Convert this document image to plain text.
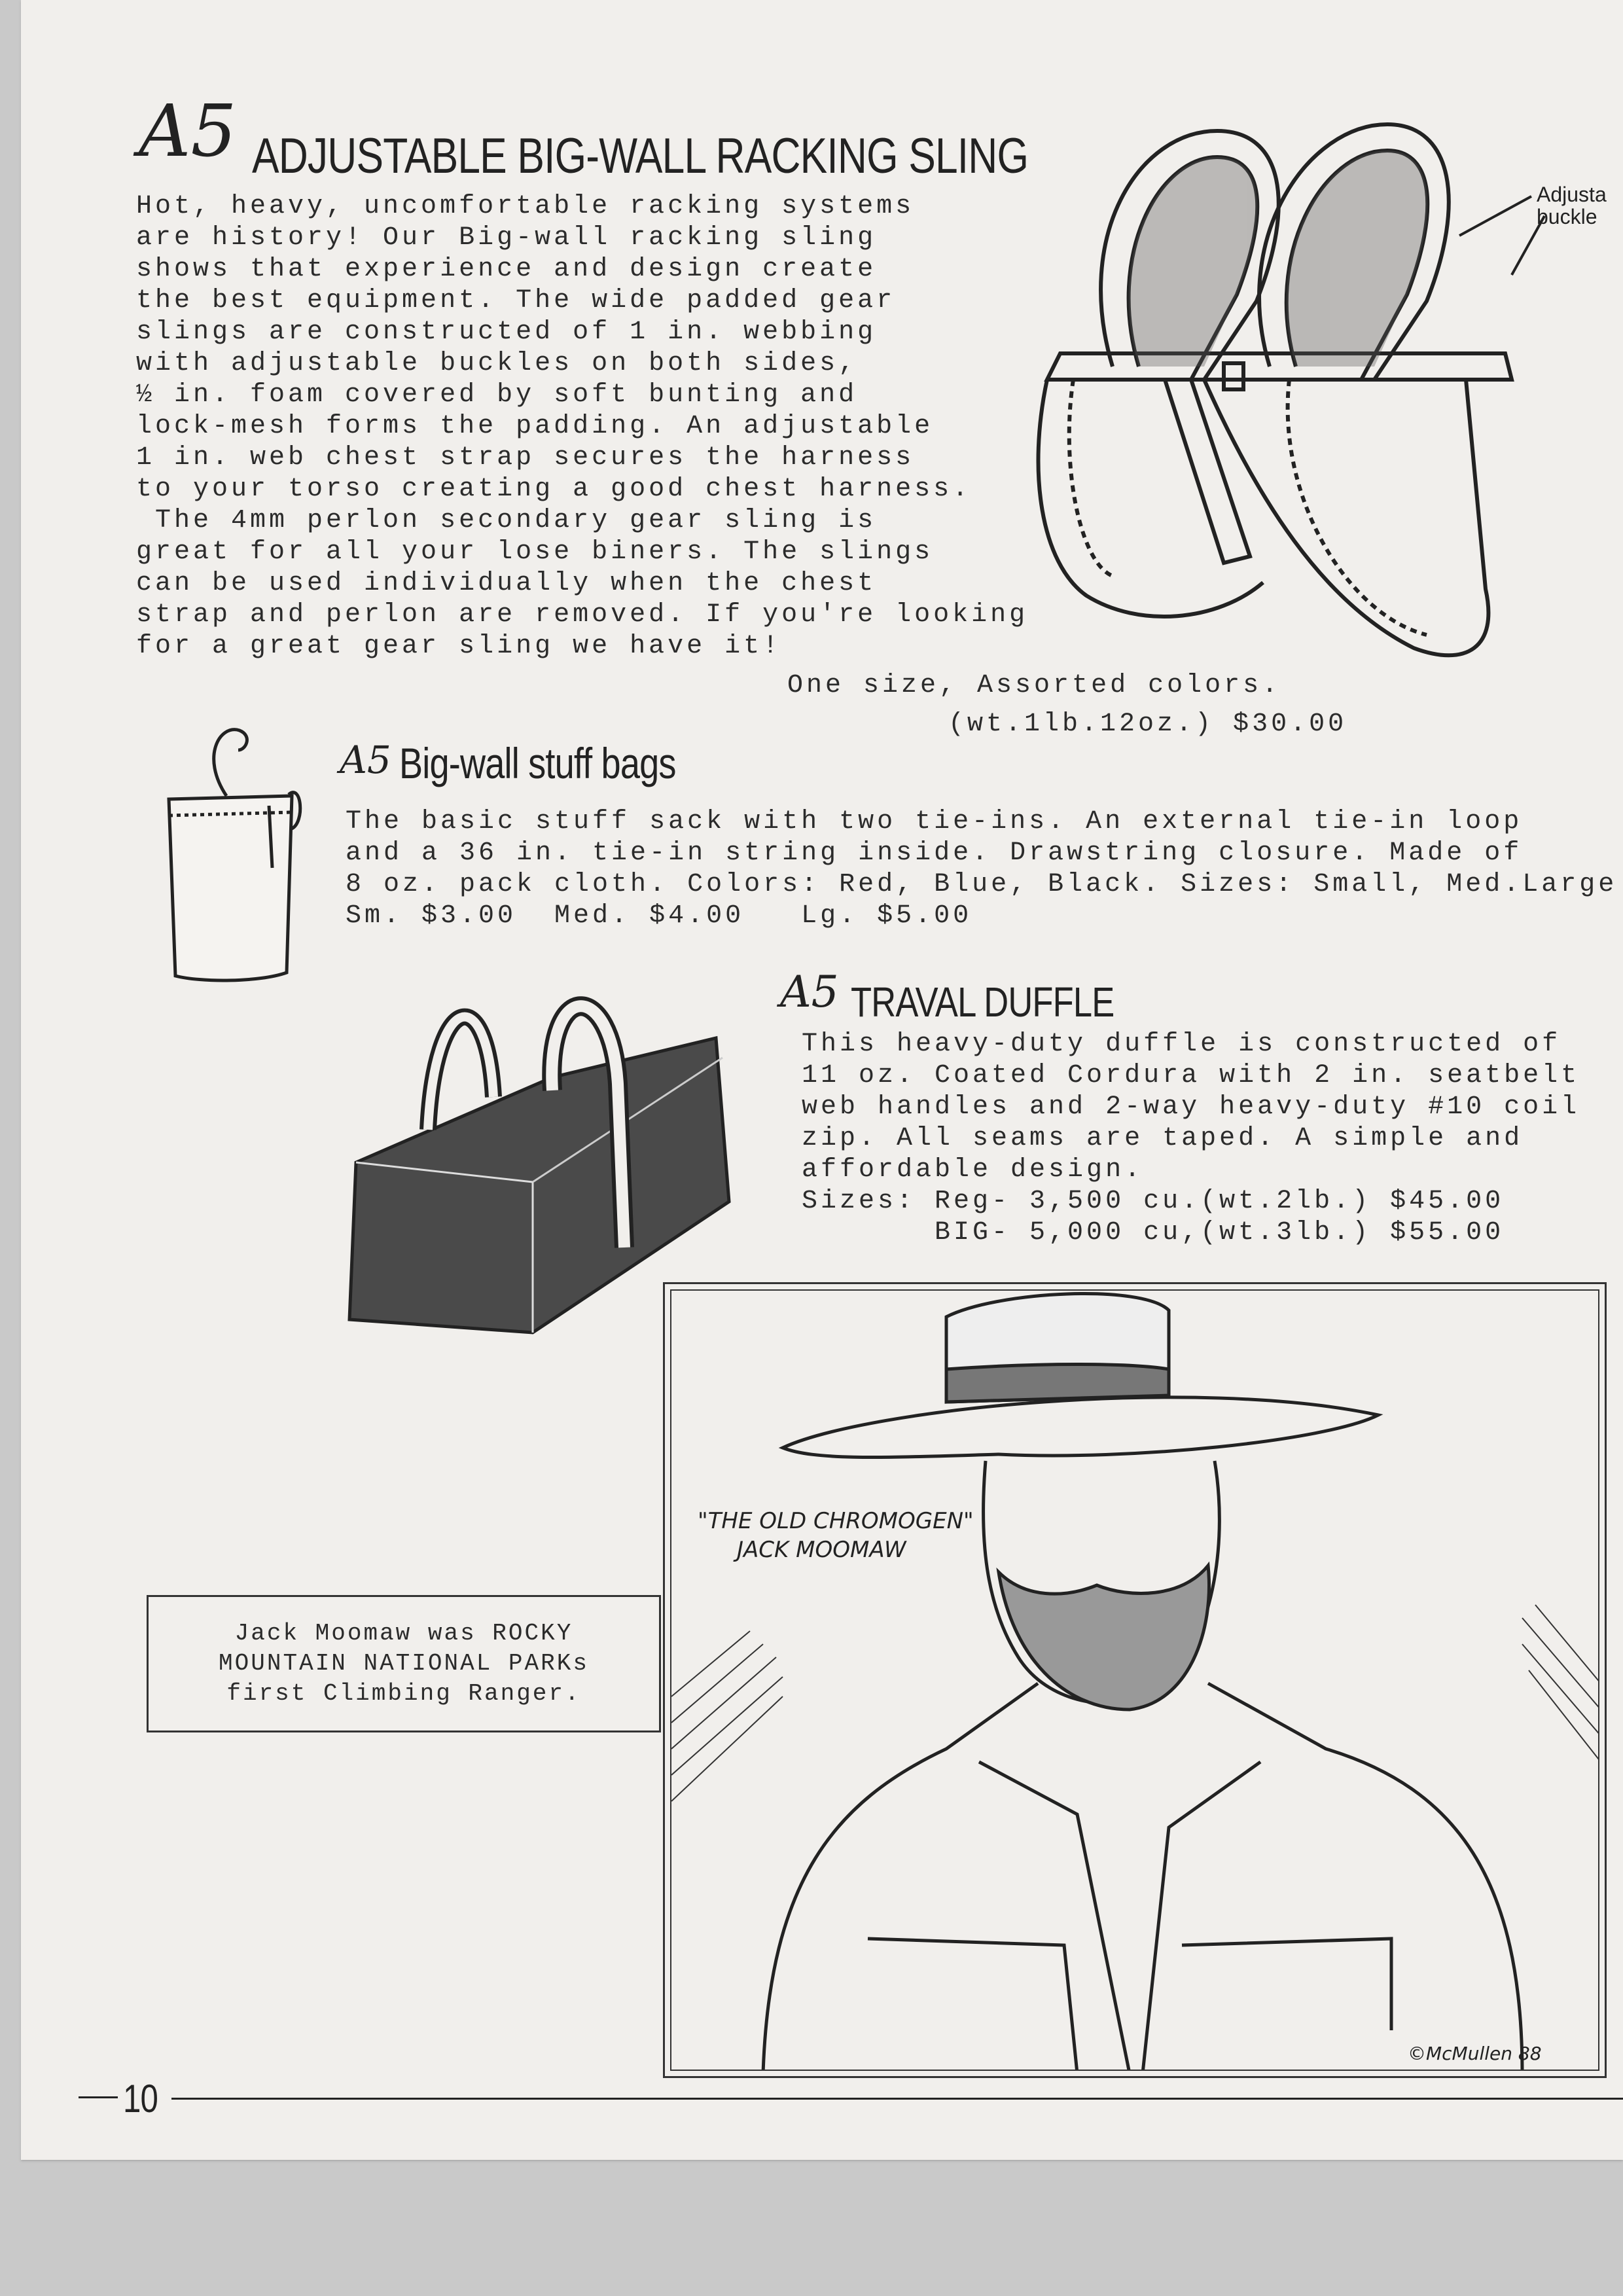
A5 ADJUSTABLE BIG-WALL RACKING SLING
Hot, heavy, uncomfortable racking systems
are history! Our Big-wall racking sling
shows that experience and design create
the best equipment. The wide padded gear
slings are constructed of 1 in. webbing
with adjustable buckles on both sides,
½ in. foam covered by soft bunting and
lock-mesh forms the padding. An adjustable
1 in. web chest strap secures the harness
to your torso creating a good chest harness.
The 4mm perlon secondary gear sling is
great for all your lose biners. The slings
can be used individually when the chest
strap and perlon are removed. If you're looking
for a great gear sling we have it!
One size, Assorted colors.
(wt.1lb.12oz.) $30.00
Adjusta
buckle
A5 Big-wall stuff bags
The basic stuff sack with two tie-ins. An external tie-in loop
and a 36 in. tie-in string inside. Drawstring closure. Made of
8 oz. pack cloth. Colors: Red, Blue, Black. Sizes: Small, Med.Large
Sm. $3.00  Med. $4.00   Lg. $5.00
A5 TRAVAL DUFFLE
This heavy-duty duffle is constructed of
11 oz. Coated Cordura with 2 in. seatbelt
web handles and 2-way heavy-duty #10 coil
zip. All seams are taped. A simple and
affordable design.
Sizes: Reg- 3,500 cu.(wt.2lb.) $45.00
BIG- 5,000 cu,(wt.3lb.) $55.00
"THE OLD CHROMOGEN"
JACK MOOMAW
©McMullen 88
Jack Moomaw was ROCKY
MOUNTAIN NATIONAL PARKs
first Climbing Ranger.
10
